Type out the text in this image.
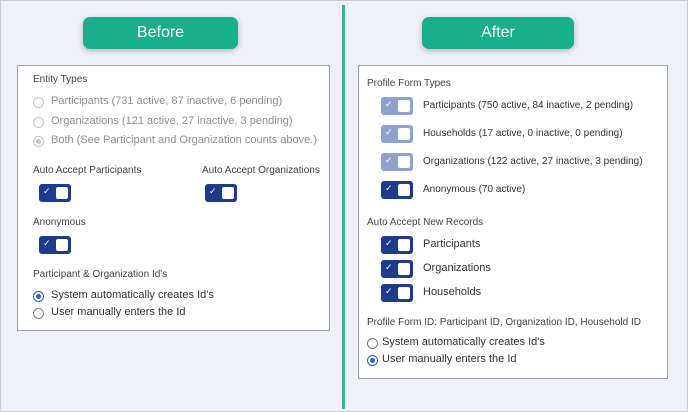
Before	After
Entity Types
Participants (731 active, 87 inactive, 6 pending)
Organizations (121 active, 27 inactive, 3 pending)
Both (See Participant and Organization counts above.)
Auto Accept Participants	Auto Accept Organizations
✓	✓
Anonymous
✓
Participant & Organization Id's
System automatically creates Id's
User manually enters the Id
Profile Form Types
✓	Participants (750 active, 84 inactive, 2 pending)
✓	Households (17 active, 0 inactive, 0 pending)
✓	Organizations (122 active, 27 inactive, 3 pending)
✓	Anonymous (70 active)
Auto Accept New Records
✓	Participants
✓	Organizations
✓	Households
Profile Form ID: Participant ID, Organization ID, Household ID
System automatically creates Id's
User manually enters the Id
